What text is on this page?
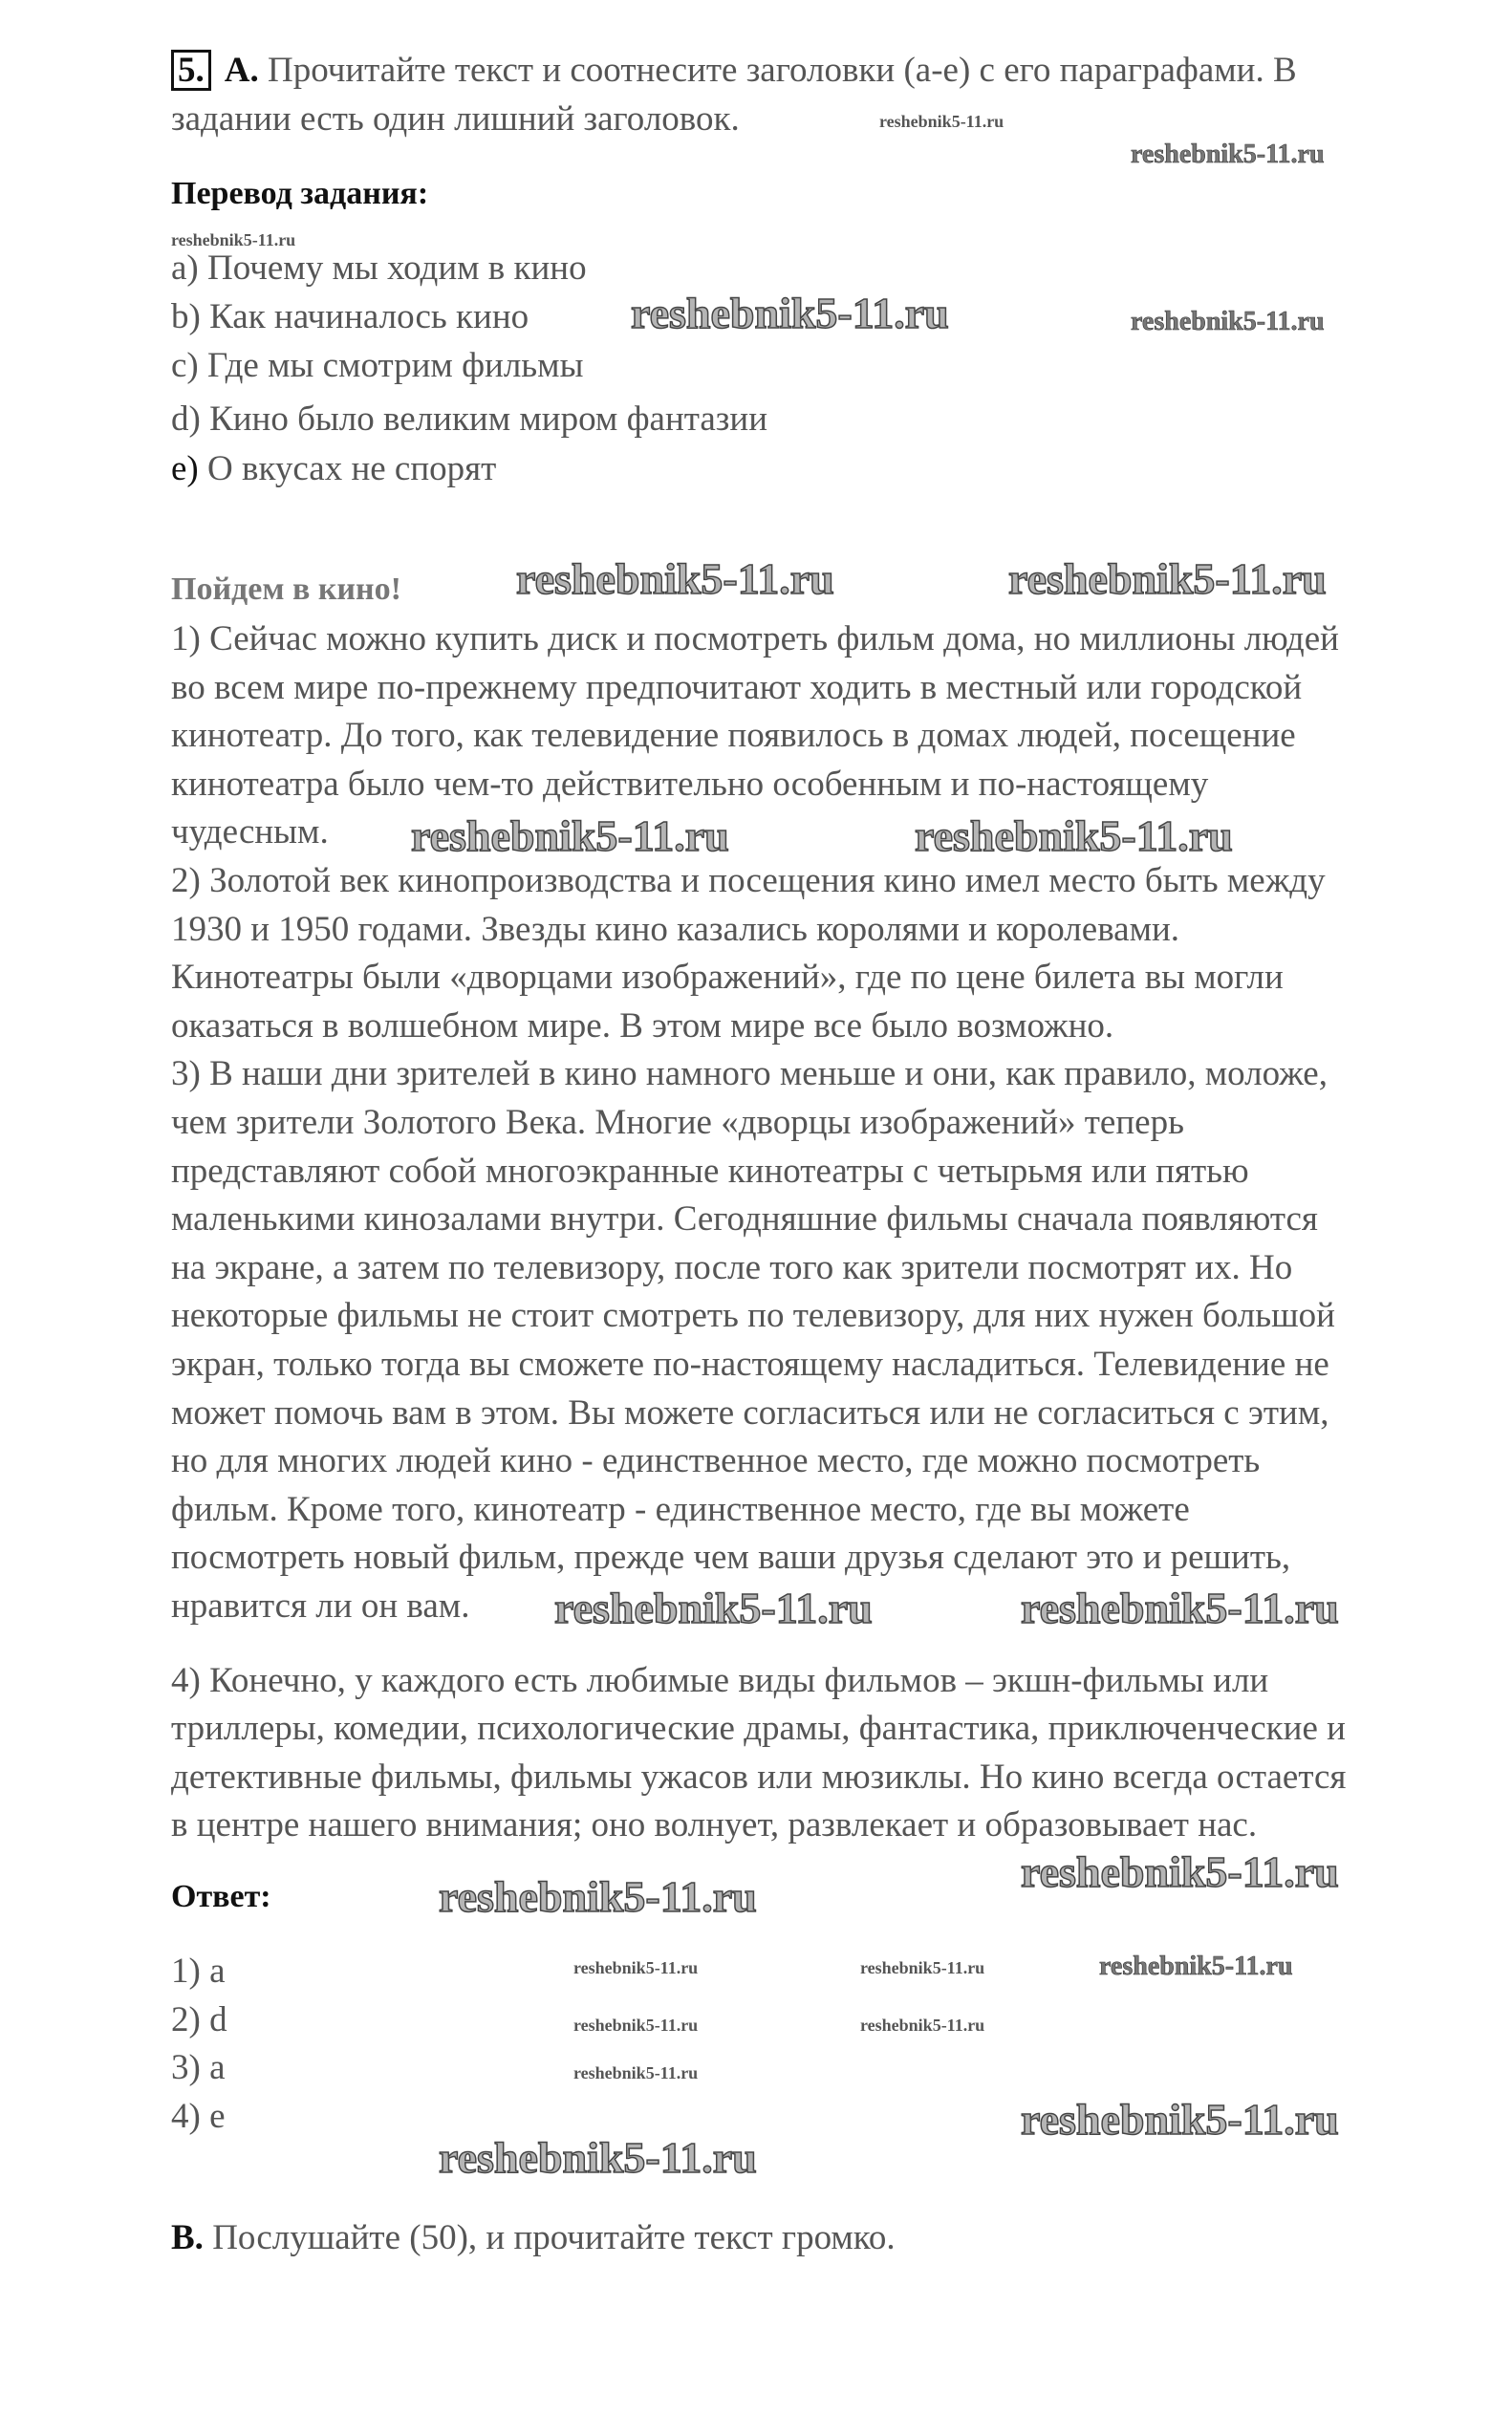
5. A. Прочитайте текст и соотнесите заголовки (a-e) с его параграфами. В
задании есть один лишний заголовок.
Перевод задания:
a) Почему мы ходим в кино
b) Как начиналось кино
c) Где мы смотрим фильмы
d) Кино было великим миром фантазии
e) О вкусах не спорят
Пойдем в кино!
1) Сейчас можно купить диск и посмотреть фильм дома, но миллионы людей
во всем мире по-прежнему предпочитают ходить в местный или городской
кинотеатр. До того, как телевидение появилось в домах людей, посещение
кинотеатра было чем-то действительно особенным и по-настоящему
чудесным.
2) Золотой век кинопроизводства и посещения кино имел место быть между
1930 и 1950 годами. Звезды кино казались королями и королевами.
Кинотеатры были «дворцами изображений», где по цене билета вы могли
оказаться в волшебном мире. В этом мире все было возможно.
3) В наши дни зрителей в кино намного меньше и они, как правило, моложе,
чем зрители Золотого Века. Многие «дворцы изображений» теперь
представляют собой многоэкранные кинотеатры с четырьмя или пятью
маленькими кинозалами внутри. Сегодняшние фильмы сначала появляются
на экране, а затем по телевизору, после того как зрители посмотрят их. Но
некоторые фильмы не стоит смотреть по телевизору, для них нужен большой
экран, только тогда вы сможете по-настоящему насладиться. Телевидение не
может помочь вам в этом. Вы можете согласиться или не согласиться с этим,
но для многих людей кино - единственное место, где можно посмотреть
фильм. Кроме того, кинотеатр - единственное место, где вы можете
посмотреть новый фильм, прежде чем ваши друзья сделают это и решить,
нравится ли он вам.
4) Конечно, у каждого есть любимые виды фильмов – экшн-фильмы или
триллеры, комедии, психологические драмы, фантастика, приключенческие и
детективные фильмы, фильмы ужасов или мюзиклы. Но кино всегда остается
в центре нашего внимания; оно волнует, развлекает и образовывает нас.
Ответ:
1) a
2) d
3) a
4) e
B. Послушайте (50), и прочитайте текст громко.
reshebnik5-11.ru
reshebnik5-11.ru
reshebnik5-11.ru
reshebnik5-11.ru	reshebnik5-11.ru
reshebnik5-11.ru	reshebnik5-11.ru
reshebnik5-11.ru	reshebnik5-11.ru
reshebnik5-11.ru	reshebnik5-11.ru	reshebnik5-11.ru
reshebnik5-11.ru	reshebnik5-11.ru
reshebnik5-11.ru
reshebnik5-11.ru
reshebnik5-11.ru
reshebnik5-11.ru
reshebnik5-11.ru
reshebnik5-11.ru
reshebnik5-11.ru
